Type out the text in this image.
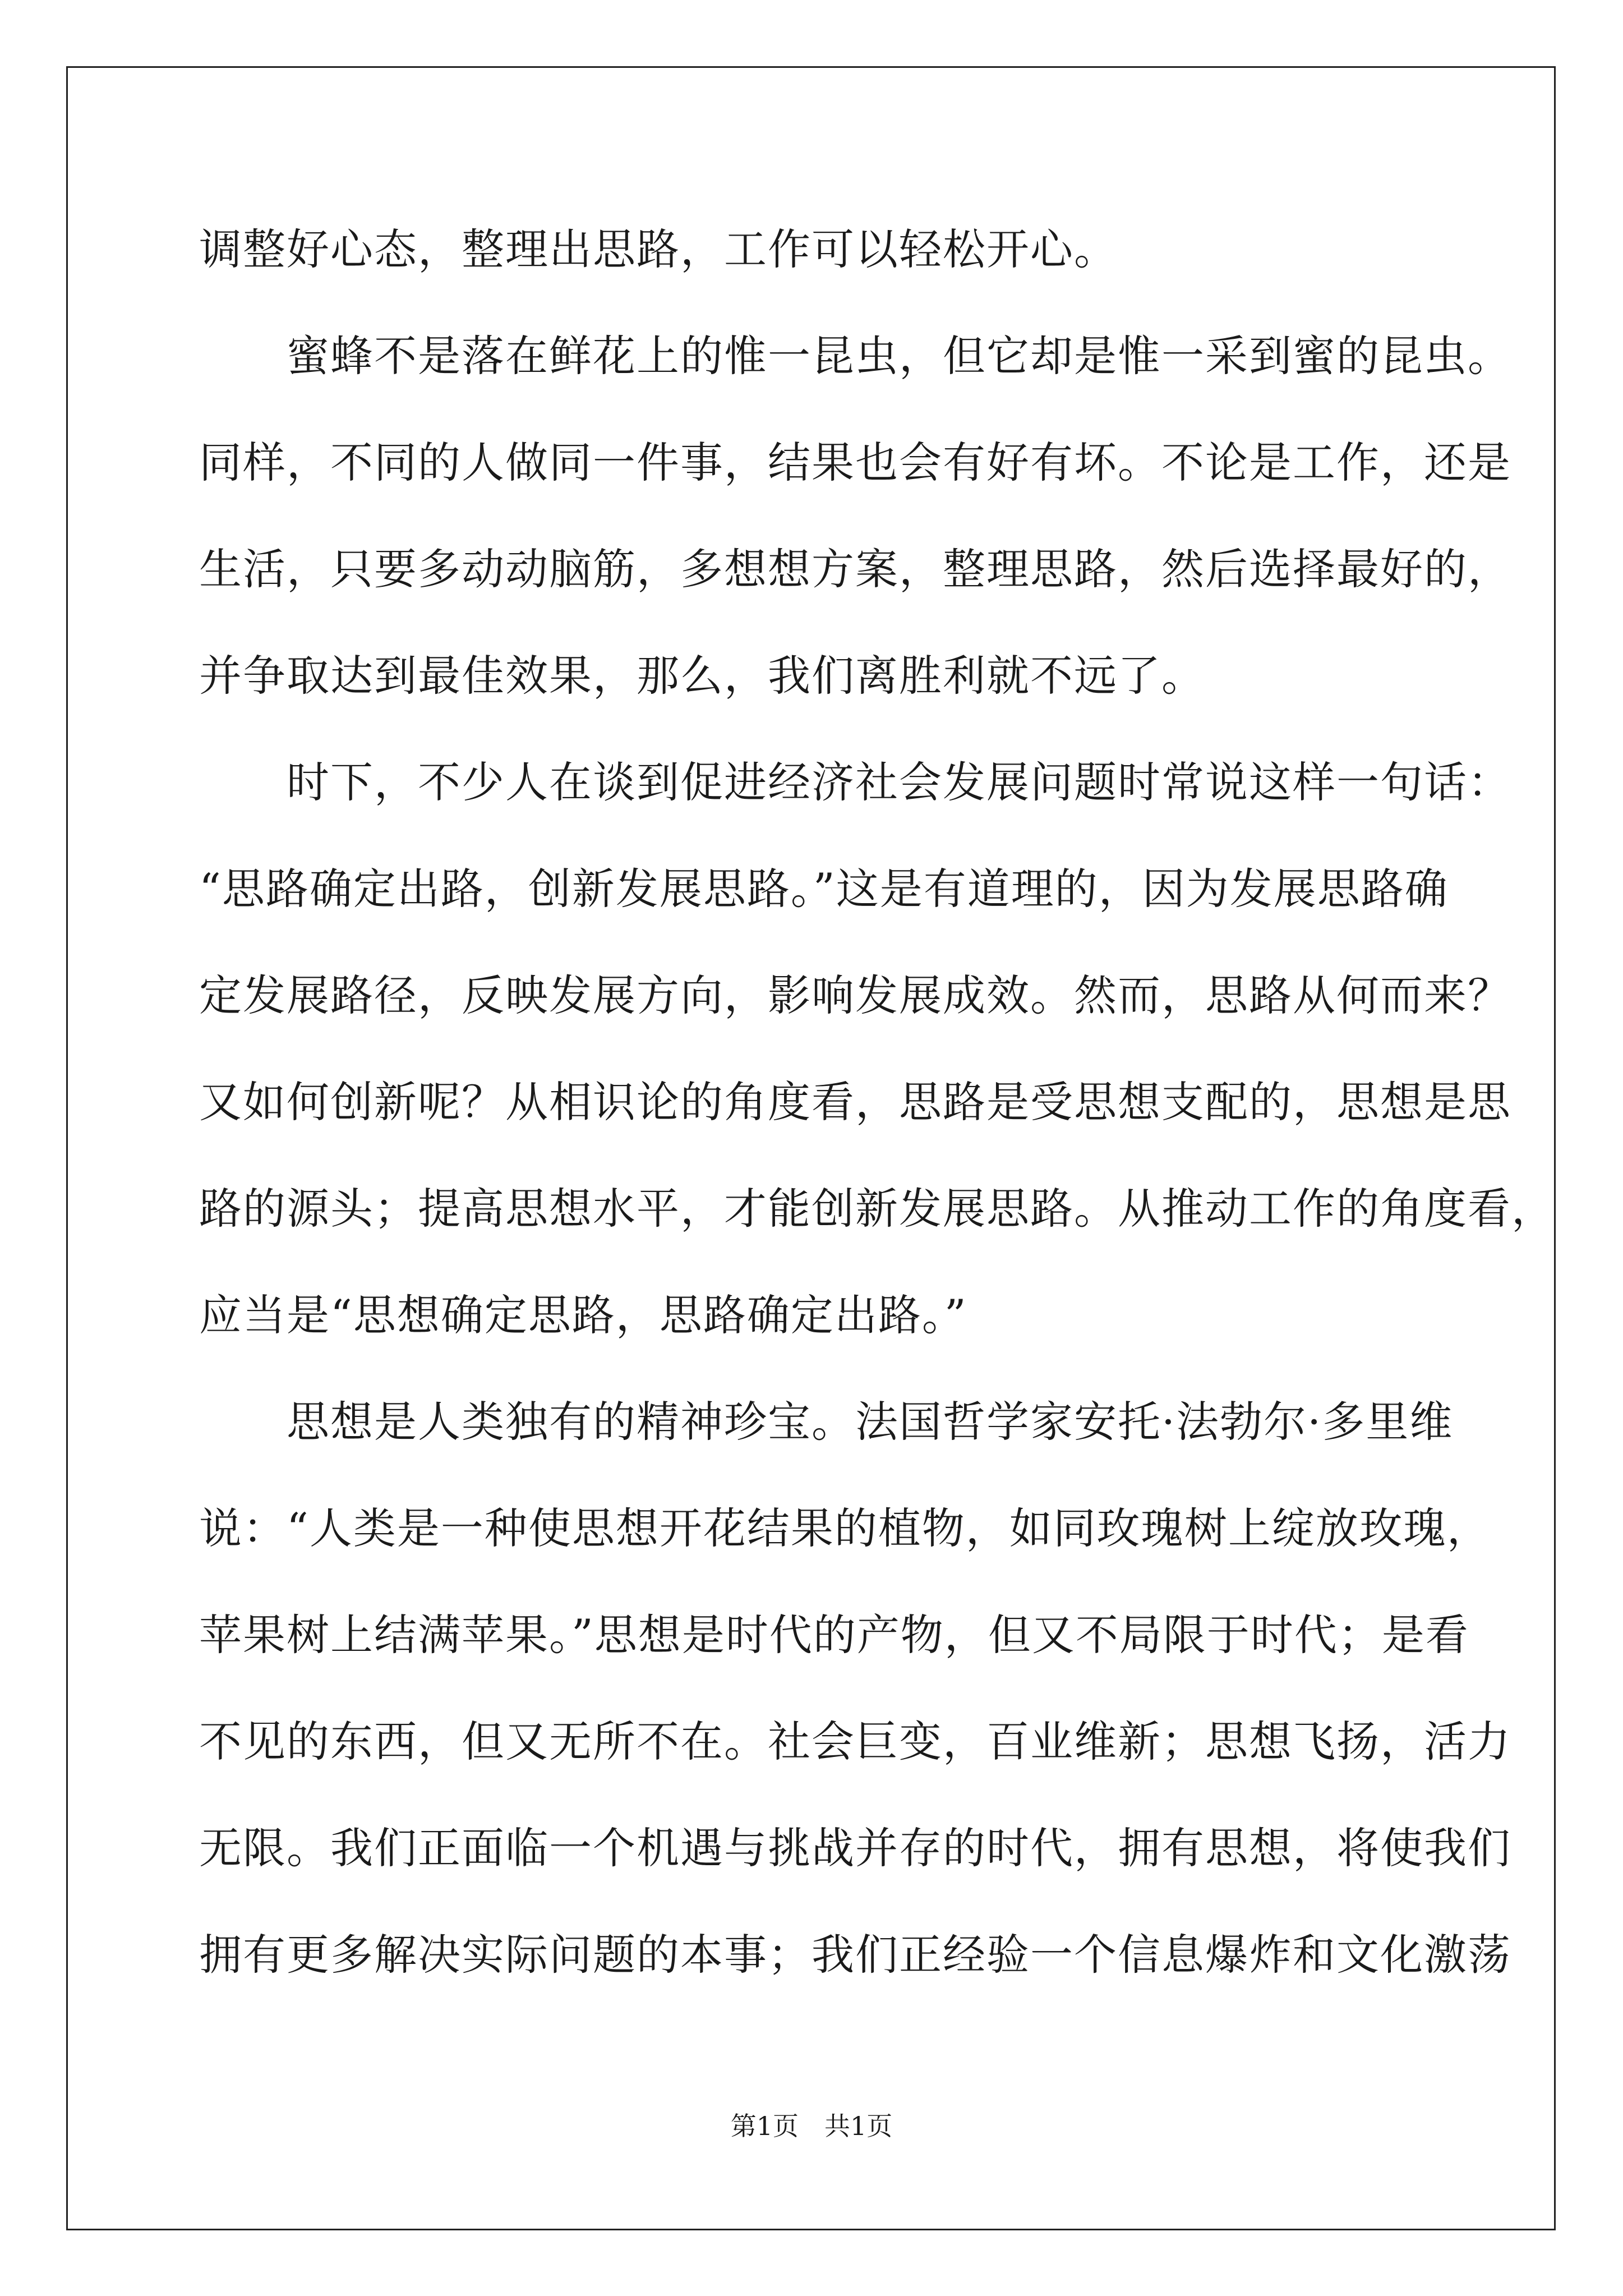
调整好心态，整理出思路，工作可以轻松开心。
　　蜜蜂不是落在鲜花上的惟一昆虫，但它却是惟一采到蜜的昆虫。
同样，不同的人做同一件事，结果也会有好有坏。不论是工作，还是
生活，只要多动动脑筋，多想想方案，整理思路，然后选择最好的，
并争取达到最佳效果，那么，我们离胜利就不远了。
　　时下，不少人在谈到促进经济社会发展问题时常说这样一句话：
“思路确定出路，创新发展思路。”这是有道理的，因为发展思路确
定发展路径，反映发展方向，影响发展成效。然而，思路从何而来？
又如何创新呢？从相识论的角度看，思路是受思想支配的，思想是思
路的源头；提高思想水平，才能创新发展思路。从推动工作的角度看，
应当是“思想确定思路，思路确定出路。”
　　思想是人类独有的精神珍宝。法国哲学家安托·法勃尔·多里维
说：“人类是一种使思想开花结果的植物，如同玫瑰树上绽放玫瑰，
苹果树上结满苹果。”思想是时代的产物，但又不局限于时代；是看
不见的东西，但又无所不在。社会巨变，百业维新；思想飞扬，活力
无限。我们正面临一个机遇与挑战并存的时代，拥有思想，将使我们
拥有更多解决实际问题的本事；我们正经验一个信息爆炸和文化激荡
第1页　共1页
